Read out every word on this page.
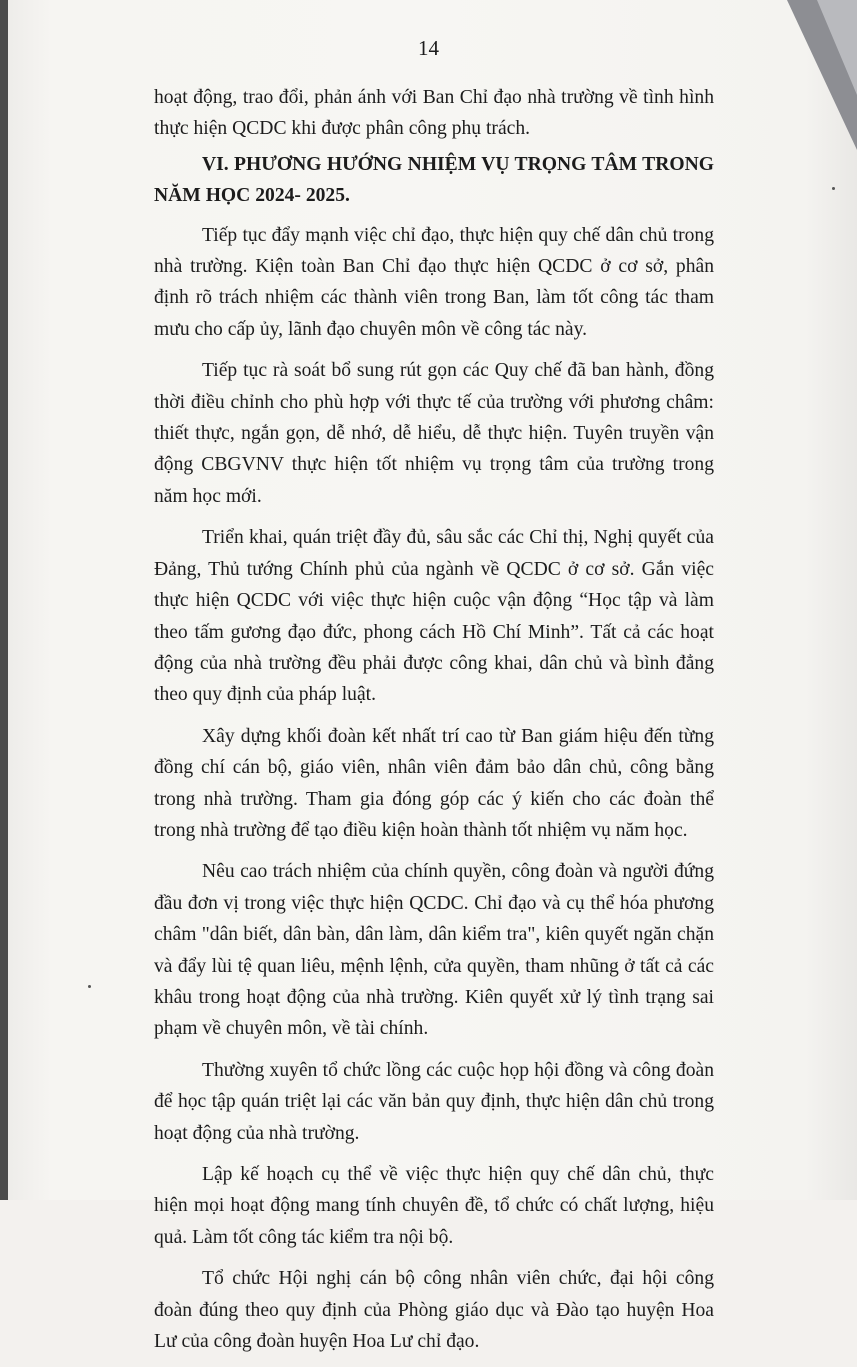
14

hoạt động, trao đổi, phản ánh với Ban Chỉ đạo nhà trường về tình hình thực hiện QCDC khi được phân công phụ trách.

VI. PHƯƠNG HƯỚNG NHIỆM VỤ TRỌNG TÂM TRONG NĂM HỌC 2024- 2025.

Tiếp tục đẩy mạnh việc chỉ đạo, thực hiện quy chế dân chủ trong nhà trường. Kiện toàn Ban Chỉ đạo thực hiện QCDC ở cơ sở, phân định rõ trách nhiệm các thành viên trong Ban, làm tốt công tác tham mưu cho cấp ủy, lãnh đạo chuyên môn về công tác này.

Tiếp tục rà soát bổ sung rút gọn các Quy chế đã ban hành, đồng thời điều chỉnh cho phù hợp với thực tế của trường với phương châm: thiết thực, ngắn gọn, dễ nhớ, dễ hiểu, dễ thực hiện. Tuyên truyền vận động CBGVNV thực hiện tốt nhiệm vụ trọng tâm của trường trong năm học mới.

Triển khai, quán triệt đầy đủ, sâu sắc các Chỉ thị, Nghị quyết của Đảng, Thủ tướng Chính phủ của ngành về QCDC ở cơ sở. Gắn việc thực hiện QCDC với việc thực hiện cuộc vận động “Học tập và làm theo tấm gương đạo đức, phong cách Hồ Chí Minh”. Tất cả các hoạt động của nhà trường đều phải được công khai, dân chủ và bình đẳng theo quy định của pháp luật.

Xây dựng khối đoàn kết nhất trí cao từ Ban giám hiệu đến từng đồng chí cán bộ, giáo viên, nhân viên đảm bảo dân chủ, công bằng trong nhà trường. Tham gia đóng góp các ý kiến cho các đoàn thể trong nhà trường để tạo điều kiện hoàn thành tốt nhiệm vụ năm học.

Nêu cao trách nhiệm của chính quyền, công đoàn và người đứng đầu đơn vị trong việc thực hiện QCDC. Chỉ đạo và cụ thể hóa phương châm "dân biết, dân bàn, dân làm, dân kiểm tra", kiên quyết ngăn chặn và đẩy lùi tệ quan liêu, mệnh lệnh, cửa quyền, tham nhũng ở tất cả các khâu trong hoạt động của nhà trường. Kiên quyết xử lý tình trạng sai phạm về chuyên môn, về tài chính.

Thường xuyên tổ chức lồng các cuộc họp hội đồng và công đoàn để học tập quán triệt lại các văn bản quy định, thực hiện dân chủ trong hoạt động của nhà trường.

Lập kế hoạch cụ thể về việc thực hiện quy chế dân chủ, thực hiện mọi hoạt động mang tính chuyên đề, tổ chức có chất lượng, hiệu quả. Làm tốt công tác kiểm tra nội bộ.

Tổ chức Hội nghị cán bộ công nhân viên chức, đại hội công đoàn đúng theo quy định của Phòng giáo dục và Đào tạo huyện Hoa Lư của công đoàn huyện Hoa Lư chỉ đạo.
